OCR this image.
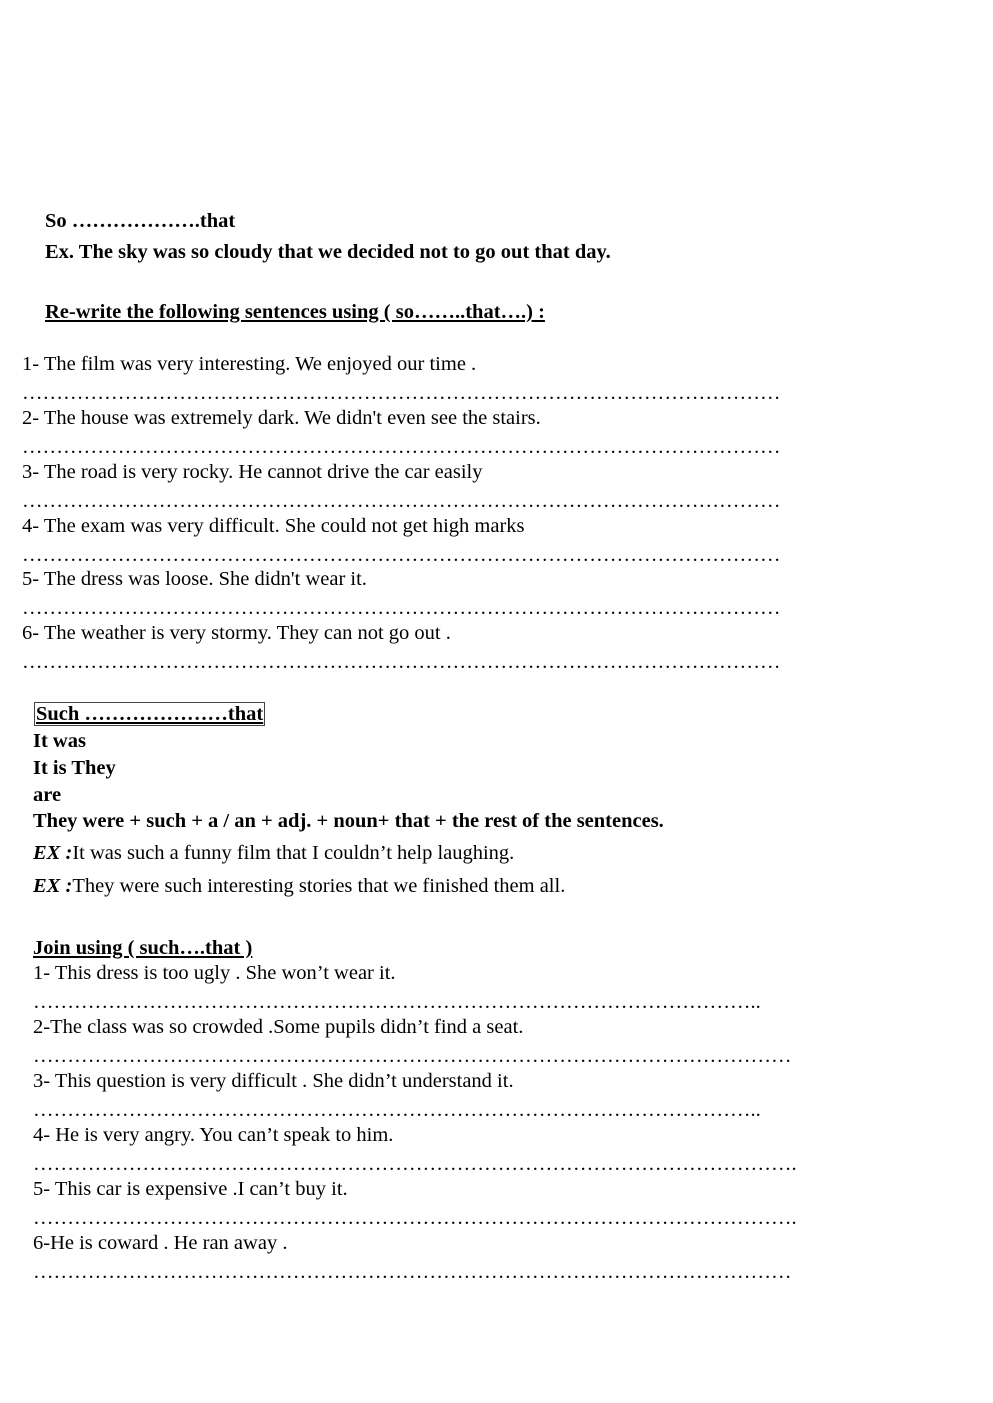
So ……………….that
Ex. The sky was so cloudy that we decided not to go out that day.
Re-write the following sentences using ( so……..that….) :
1- The film was very interesting. We enjoyed our time .
…………………………………………………………………………………………………
2- The house was extremely dark. We didn't even see the stairs.
…………………………………………………………………………………………………
3- The road is very rocky. He cannot drive the car easily
…………………………………………………………………………………………………
4- The exam was very difficult. She could not get high marks
…………………………………………………………………………………………………
5- The dress was loose. She didn't wear it.
…………………………………………………………………………………………………
6- The weather is very stormy. They can not go out .
…………………………………………………………………………………………………
Such …………………that
It was
It is They
are
They were + such + a / an + adj. + noun+ that + the rest of the sentences.
EX :It was such a funny film that I couldn’t help laughing.
EX :They were such interesting stories that we finished them all.
Join using ( such….that )
1- This dress is too ugly . She won’t wear it.
……………………………………………………………………………………………..
2-The class was so crowded .Some pupils didn’t find a seat.
…………………………………………………………………………………………………
3- This question is very difficult . She didn’t understand it.
……………………………………………………………………………………………..
4- He is very angry. You can’t speak to him.
………………………………………………………………………………………………….
5- This car is expensive .I can’t buy it.
………………………………………………………………………………………………….
6-He is coward . He ran away .
…………………………………………………………………………………………………
